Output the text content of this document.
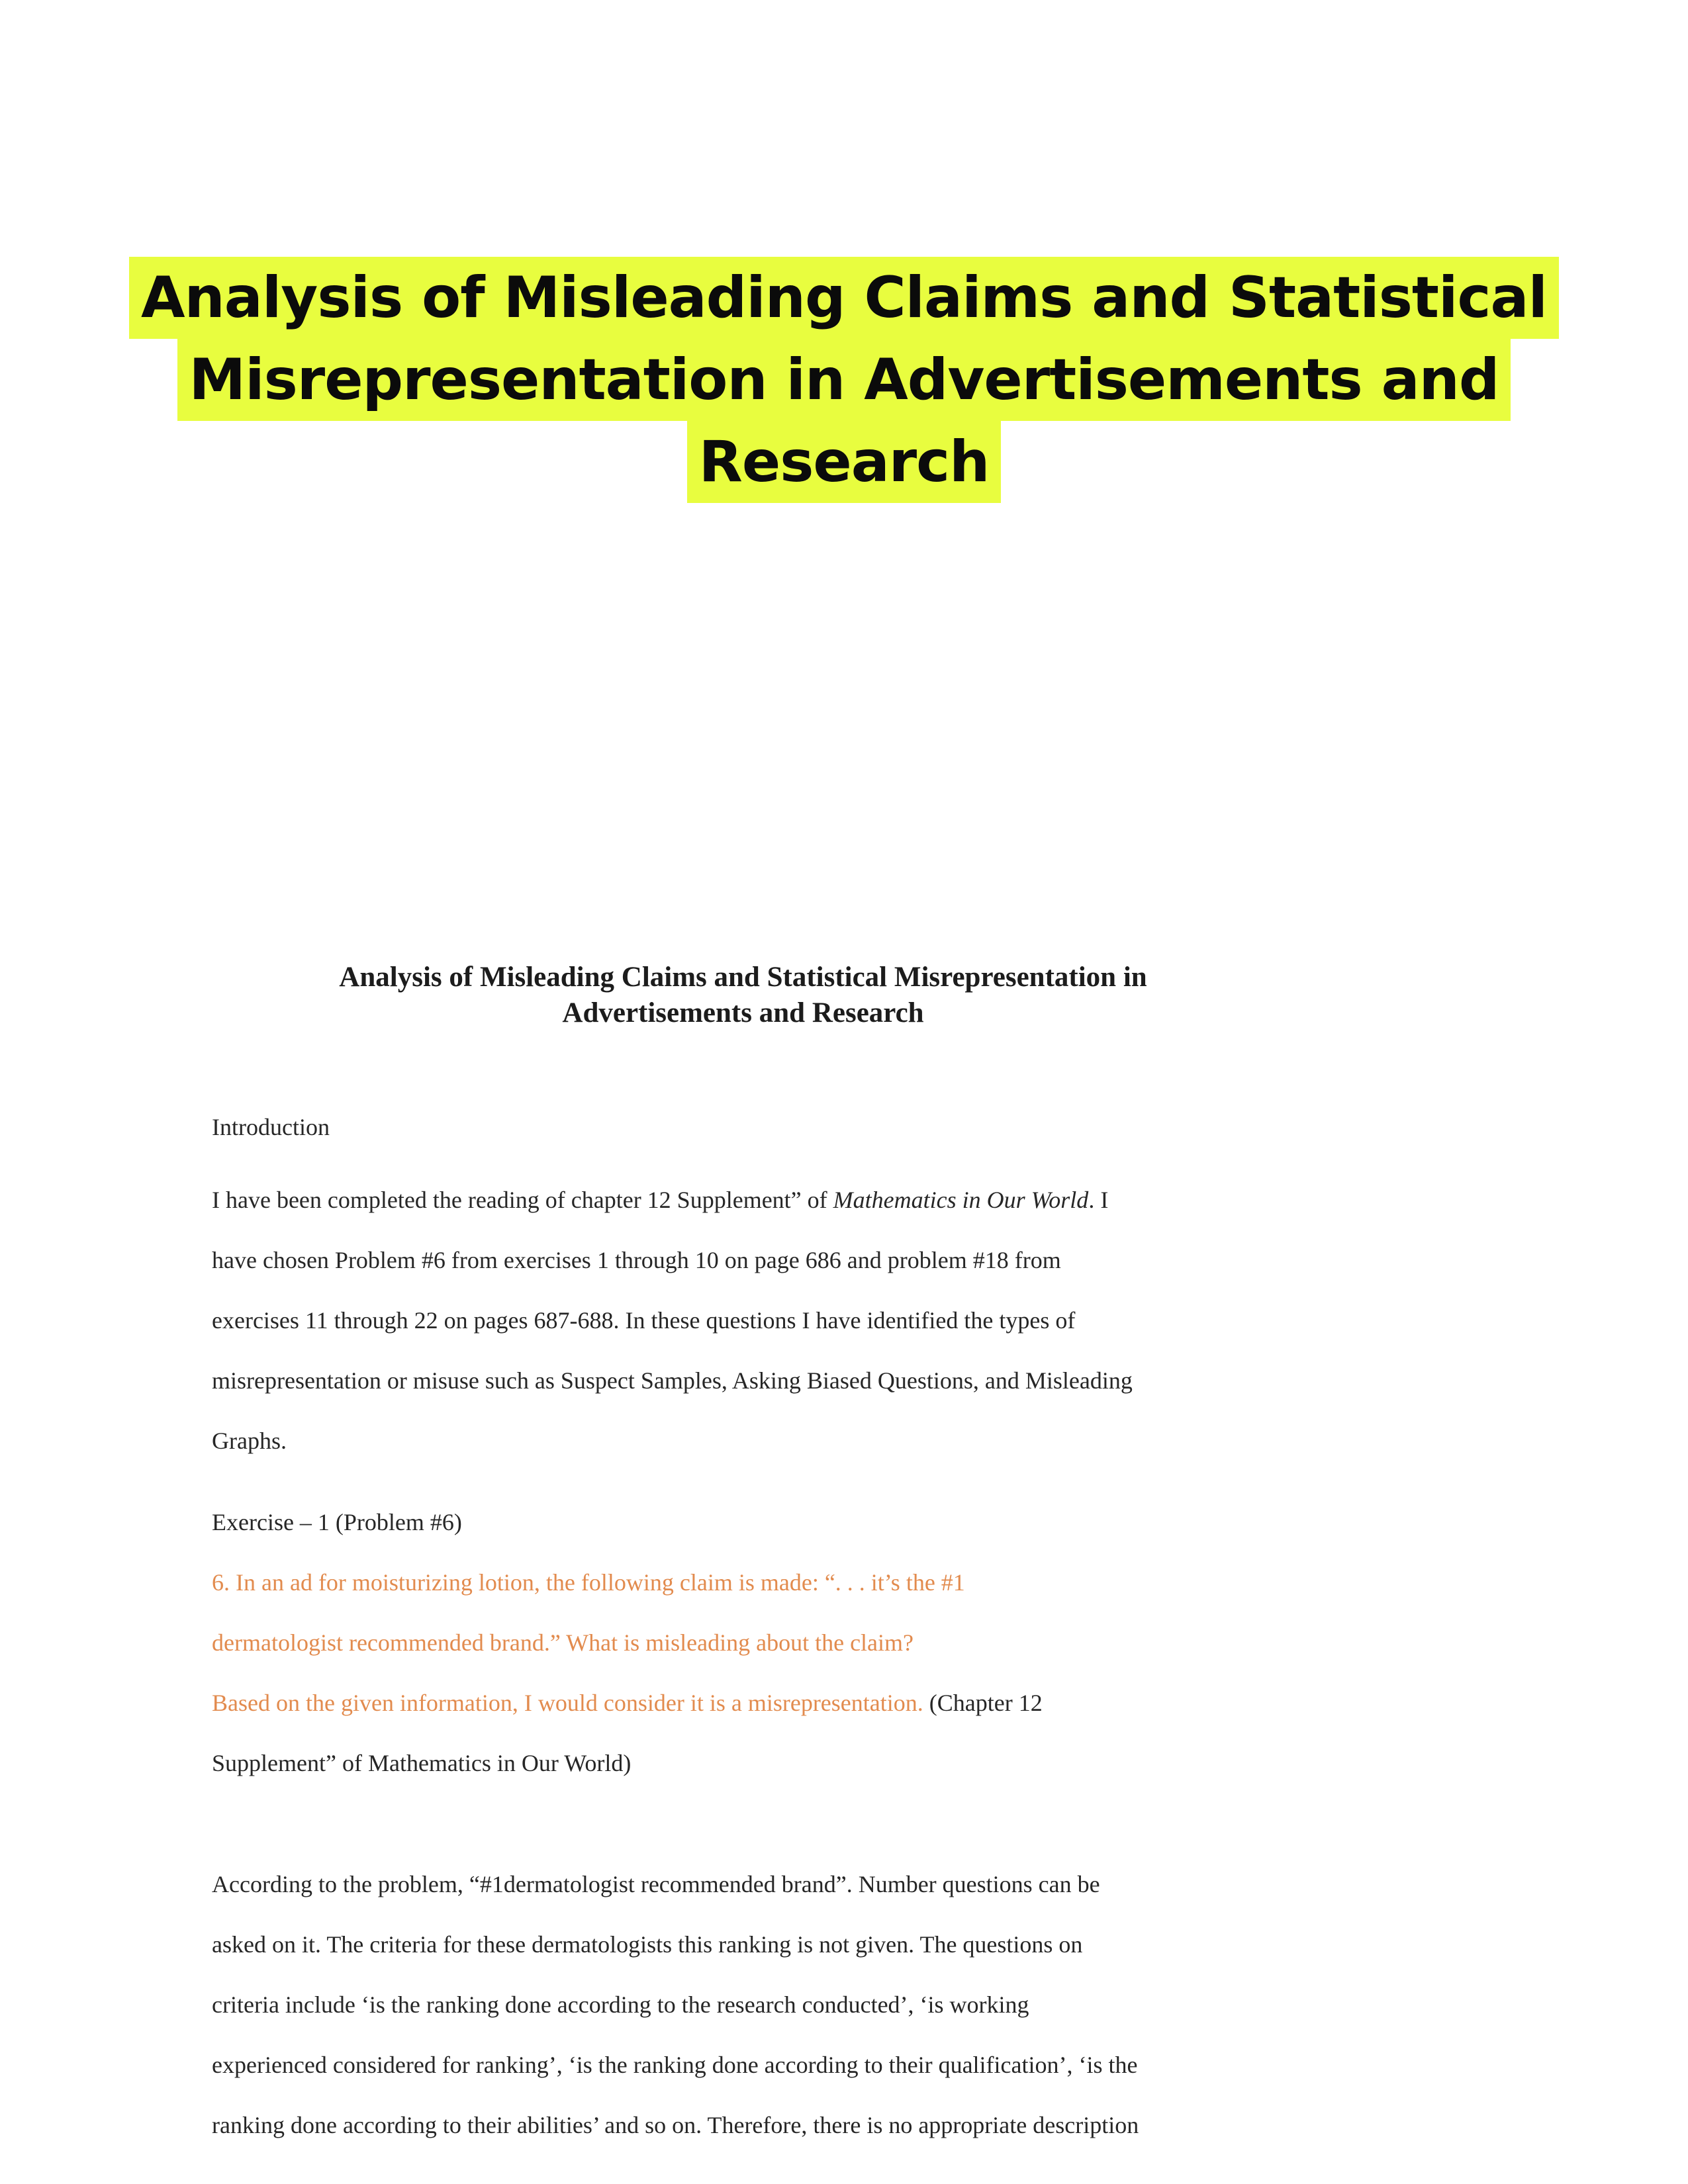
Analysis of Misleading Claims and Statistical
Misrepresentation in Advertisements and
Research
Analysis of Misleading Claims and Statistical Misrepresentation in
Advertisements and Research

Introduction

I have been completed the reading of chapter 12 Supplement” of Mathematics in Our World. I

have chosen Problem #6 from exercises 1 through 10 on page 686 and problem #18 from

exercises 11 through 22 on pages 687-688. In these questions I have identified the types of

misrepresentation or misuse such as Suspect Samples, Asking Biased Questions, and Misleading

Graphs.

Exercise – 1 (Problem #6)

6. In an ad for moisturizing lotion, the following claim is made: “. . . it’s the #1

dermatologist recommended brand.” What is misleading about the claim?

Based on the given information, I would consider it is a misrepresentation. (Chapter 12

Supplement” of Mathematics in Our World)

According to the problem, “#1dermatologist recommended brand”. Number questions can be

asked on it. The criteria for these dermatologists this ranking is not given. The questions on

criteria include ‘is the ranking done according to the research conducted’, ‘is working

experienced considered for ranking’, ‘is the ranking done according to their qualification’, ‘is the

ranking done according to their abilities’ and so on. Therefore, there is no appropriate description
